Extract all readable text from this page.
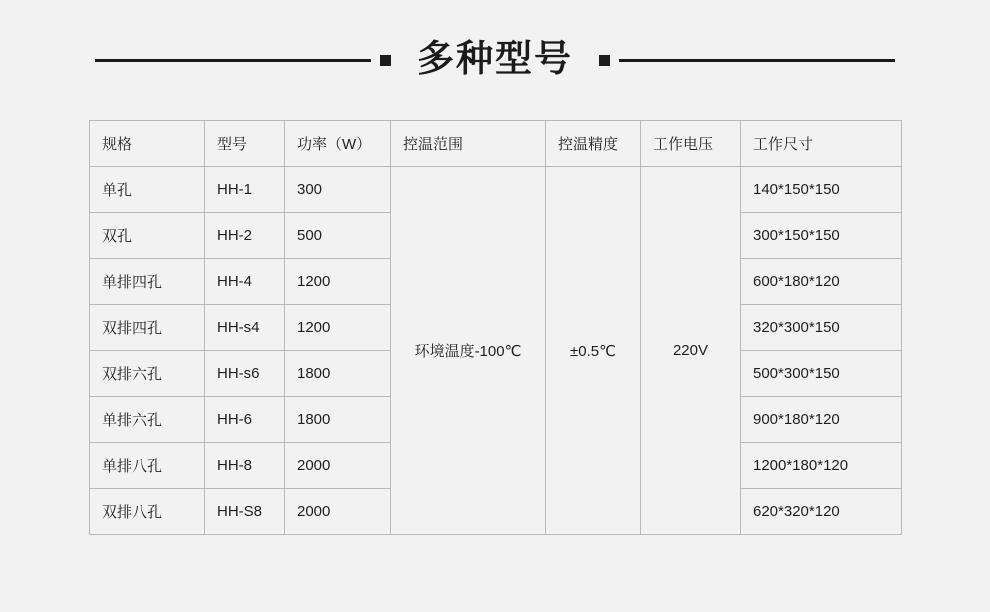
多种型号
规格	型号	功率（W）	控温范围	控温精度	工作电压	工作尺寸
单孔	HH-1	300	环境温度-100℃	±0.5℃	220V	140*150*150
双孔	HH-2	500				300*150*150
单排四孔	HH-4	1200				600*180*120
双排四孔	HH-s4	1200				320*300*150
双排六孔	HH-s6	1800				500*300*150
单排六孔	HH-6	1800				900*180*120
单排八孔	HH-8	2000				1200*180*120
双排八孔	HH-S8	2000				620*320*120
